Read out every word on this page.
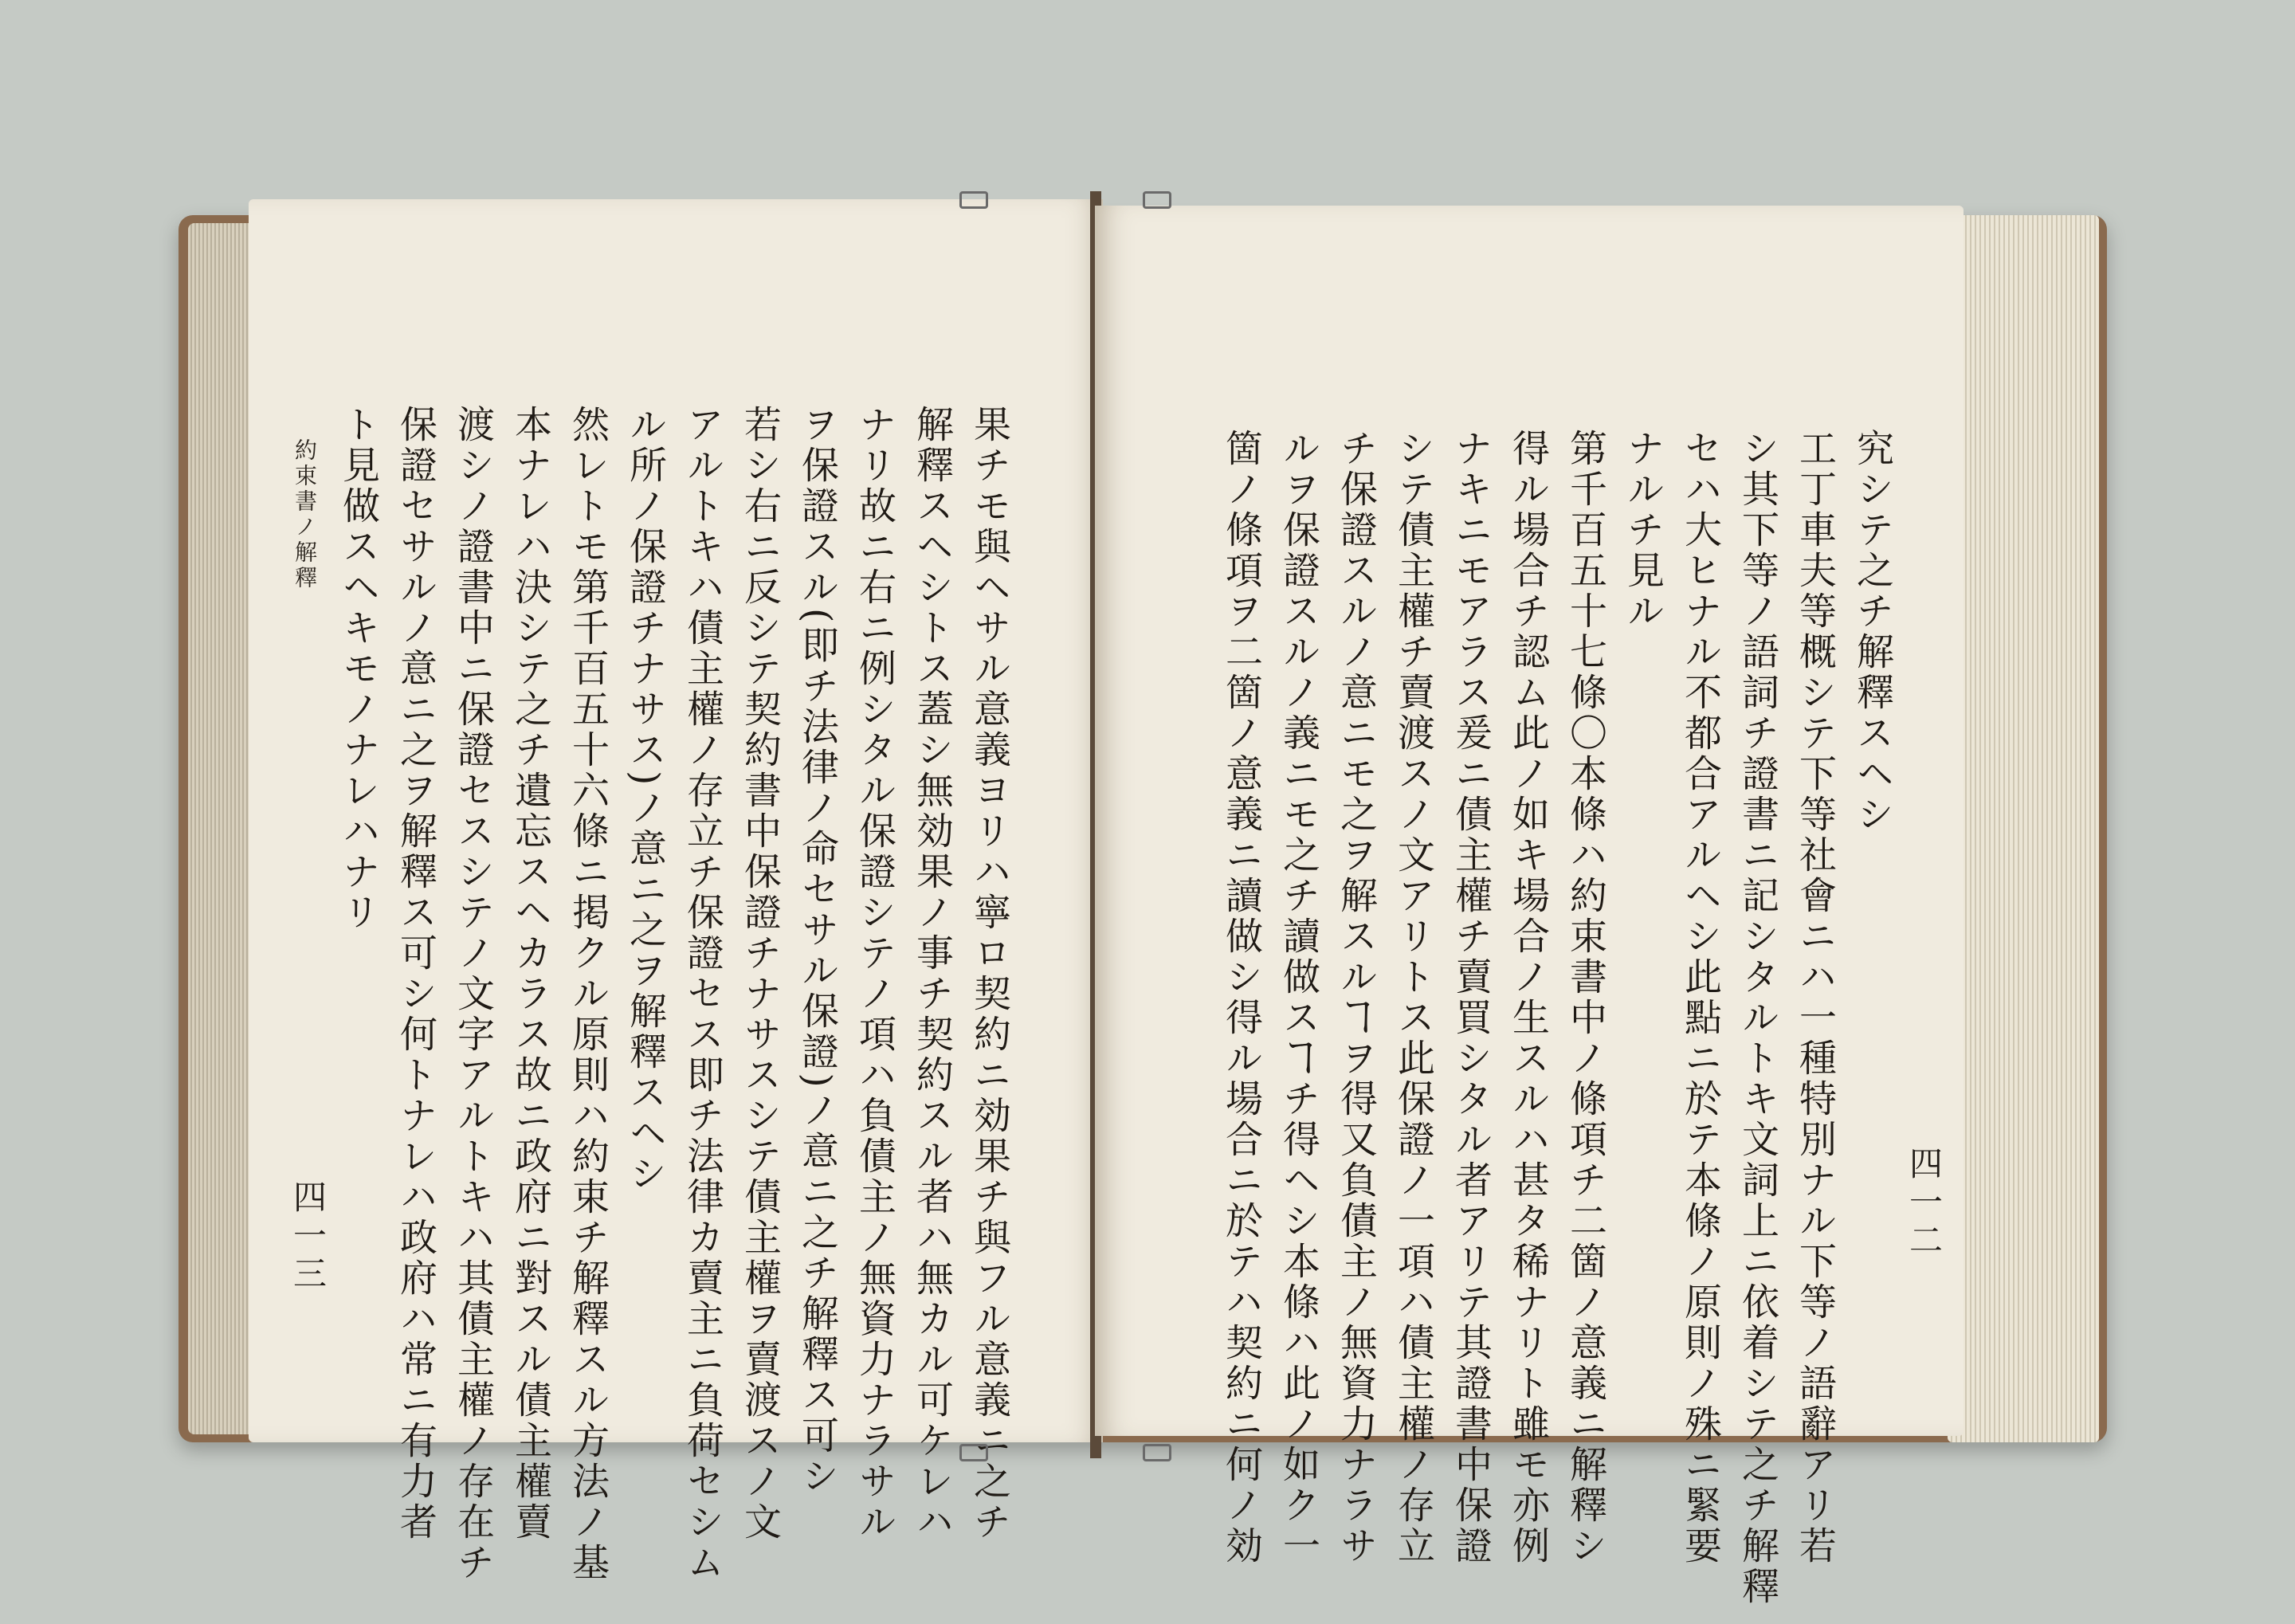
約束書ノ解釋 ト見做スヘキモノナレハナリ 保證セサルノ意ニ之ヲ解釋ス可シ何トナレハ政府ハ常ニ有力者 渡シノ證書中ニ保證セスシテノ文字アルトキハ其債主權ノ存在チ 本ナレハ決シテ之チ遺忘スヘカラス故ニ政府ニ對スル債主權賣 然レトモ第千百五十六條ニ掲クル原則ハ約束チ解釋スル方法ノ基 ル所ノ保證チナサス)ノ意ニ之ヲ解釋スヘシ アルトキハ債主權ノ存立チ保證セス即チ法律カ賣主ニ負荷セシム 若シ右ニ反シテ契約書中保證チナサスシテ債主權ヲ賣渡スノ文 ヲ保證スル(即チ法律ノ命セサル保證)ノ意ニ之チ解釋ス可シ ナリ故ニ右ニ例シタル保證シテノ項ハ負債主ノ無資力ナラサル 解釋スヘシトス蓋シ無効果ノ事チ契約スル者ハ無カル可ケレハ 果チモ與ヘサル意義ヨリハ寧ロ契約ニ効果チ與フル意義ニ之チ
四一三	箇ノ條項ヲ二箇ノ意義ニ讀做シ得ル場合ニ於テハ契約ニ何ノ効 ルヲ保證スルノ義ニモ之チ讀做スヿチ得ヘシ本條ハ此ノ如ク一 チ保證スルノ意ニモ之ヲ解スルヿヲ得又負債主ノ無資力ナラサ シテ債主權チ賣渡スノ文アリトス此保證ノ一項ハ債主權ノ存立 ナキニモアラス爰ニ債主權チ賣買シタル者アリテ其證書中保證 得ル場合チ認ム此ノ如キ場合ノ生スルハ甚タ稀ナリト雖モ亦例 第千百五十七條〇本條ハ約束書中ノ條項チ二箇ノ意義ニ解釋シ ナルチ見ル セハ大ヒナル不都合アルヘシ此點ニ於テ本條ノ原則ノ殊ニ緊要 シ其下等ノ語詞チ證書ニ記シタルトキ文詞上ニ依着シテ之チ解釋 工丁車夫等概シテ下等社會ニハ一種特別ナル下等ノ語辭アリ若 究シテ之チ解釋スヘシ
四一二
